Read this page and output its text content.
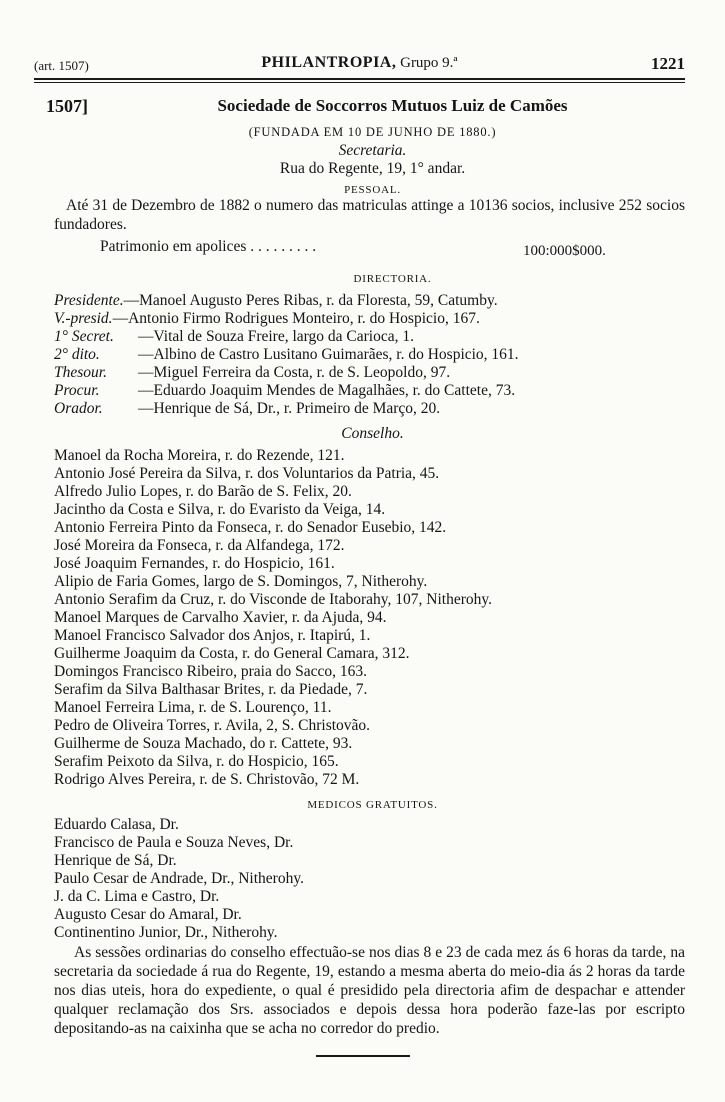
(art. 1507)	PHILANTROPIA, Grupo 9.ª	1221
1507]	Sociedade de Soccorros Mutuos Luiz de Camões
(FUNDADA EM 10 DE JUNHO DE 1880.)
Secretaria.
Rua do Regente, 19, 1° andar.
PESSOAL.
Até 31 de Dezembro de 1882 o numero das matriculas attinge a 10136 socios, inclusive 252 socios fundadores.
Patrimonio em apolices . . . . . . . . .	100:000$000.
DIRECTORIA.
Presidente.—Manoel Augusto Peres Ribas, r. da Floresta, 59, Catumby.
V.-presid.—Antonio Firmo Rodrigues Monteiro, r. do Hospicio, 167.
1° Secret.	—Vital de Souza Freire, largo da Carioca, 1.
2° dito.	—Albino de Castro Lusitano Guimarães, r. do Hospicio, 161.
Thesour.	—Miguel Ferreira da Costa, r. de S. Leopoldo, 97.
Procur.	—Eduardo Joaquim Mendes de Magalhães, r. do Cattete, 73.
Orador.	—Henrique de Sá, Dr., r. Primeiro de Março, 20.
Conselho.
Manoel da Rocha Moreira, r. do Rezende, 121.
Antonio José Pereira da Silva, r. dos Voluntarios da Patria, 45.
Alfredo Julio Lopes, r. do Barão de S. Felix, 20.
Jacintho da Costa e Silva, r. do Evaristo da Veiga, 14.
Antonio Ferreira Pinto da Fonseca, r. do Senador Eusebio, 142.
José Moreira da Fonseca, r. da Alfandega, 172.
José Joaquim Fernandes, r. do Hospicio, 161.
Alipio de Faria Gomes, largo de S. Domingos, 7, Nitherohy.
Antonio Serafim da Cruz, r. do Visconde de Itaborahy, 107, Nitherohy.
Manoel Marques de Carvalho Xavier, r. da Ajuda, 94.
Manoel Francisco Salvador dos Anjos, r. Itapirú, 1.
Guilherme Joaquim da Costa, r. do General Camara, 312.
Domingos Francisco Ribeiro, praia do Sacco, 163.
Serafim da Silva Balthasar Brites, r. da Piedade, 7.
Manoel Ferreira Lima, r. de S. Lourenço, 11.
Pedro de Oliveira Torres, r. Avila, 2, S. Christovão.
Guilherme de Souza Machado, do r. Cattete, 93.
Serafim Peixoto da Silva, r. do Hospicio, 165.
Rodrigo Alves Pereira, r. de S. Christovão, 72 M.
MEDICOS GRATUITOS.
Eduardo Calasa, Dr.
Francisco de Paula e Souza Neves, Dr.
Henrique de Sá, Dr.
Paulo Cesar de Andrade, Dr., Nitherohy.
J. da C. Lima e Castro, Dr.
Augusto Cesar do Amaral, Dr.
Continentino Junior, Dr., Nitherohy.
As sessões ordinarias do conselho effectuão-se nos dias 8 e 23 de cada mez ás 6 horas da tarde, na secretaria da sociedade á rua do Regente, 19, estando a mesma aberta do meio-dia ás 2 horas da tarde nos dias uteis, hora do expediente, o qual é presidido pela directoria afim de despachar e attender qualquer reclamação dos Srs. associados e depois dessa hora poderão faze-las por escripto depositando-as na caixinha que se acha no corredor do predio.
